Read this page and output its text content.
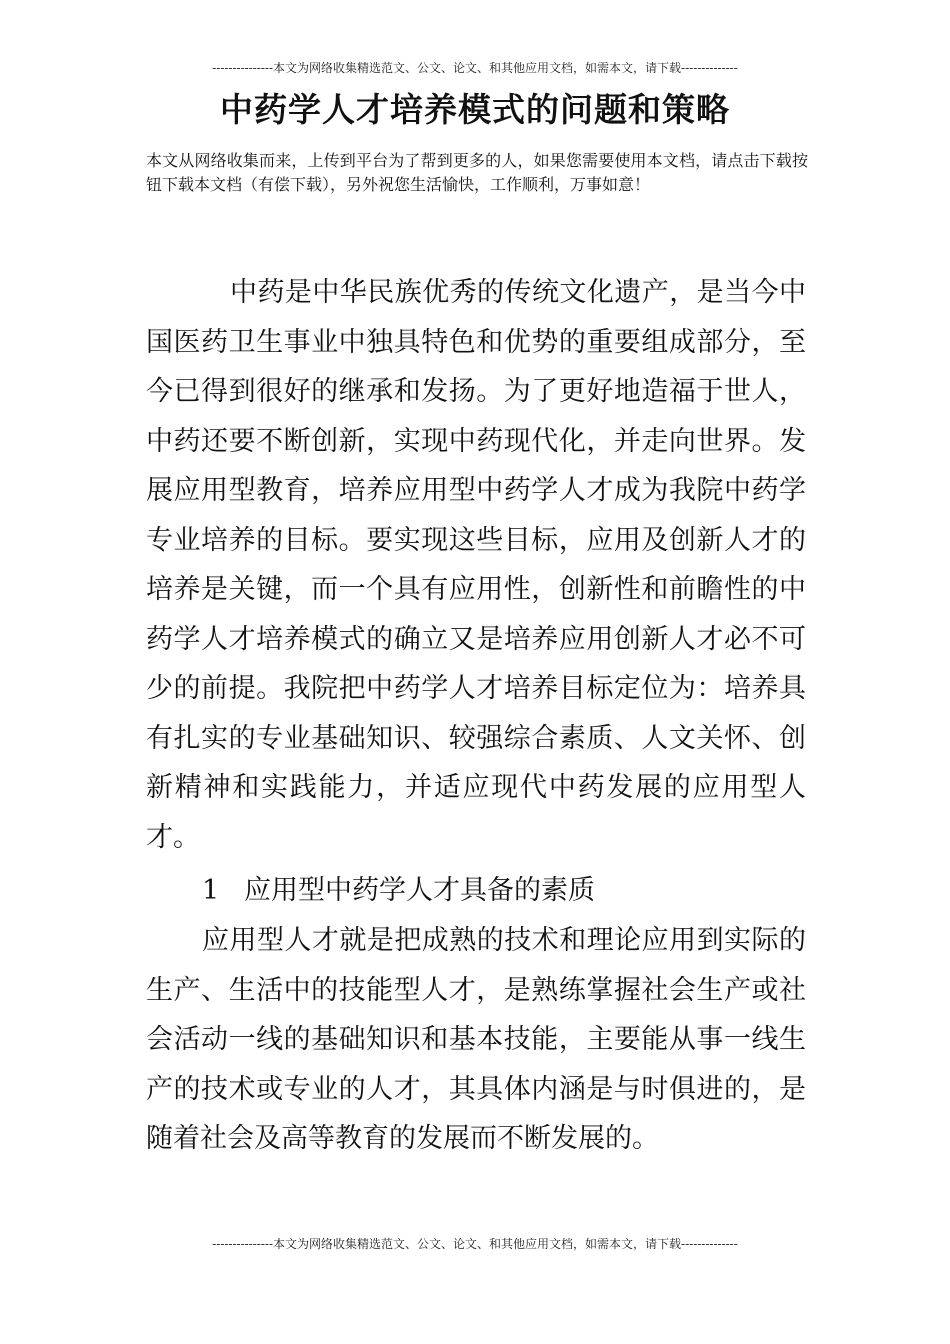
---------------本文为网络收集精选范文、公文、论文、和其他应用文档，如需本文，请下载--------------
中药学人才培养模式的问题和策略

本文从网络收集而来，上传到平台为了帮到更多的人，如果您需要使用本文档，请点击下载按钮下载本文档（有偿下载），另外祝您生活愉快，工作顺利，万事如意！

中药是中华民族优秀的传统文化遗产，是当今中国医药卫生事业中独具特色和优势的重要组成部分，至今已得到很好的继承和发扬。为了更好地造福于世人，中药还要不断创新，实现中药现代化，并走向世界。发展应用型教育，培养应用型中药学人才成为我院中药学专业培养的目标。要实现这些目标，应用及创新人才的培养是关键，而一个具有应用性，创新性和前瞻性的中药学人才培养模式的确立又是培养应用创新人才必不可少的前提。我院把中药学人才培养目标定位为：培养具有扎实的专业基础知识、较强综合素质、人文关怀、创新精神和实践能力，并适应现代中药发展的应用型人才。

1 应用型中药学人才具备的素质

应用型人才就是把成熟的技术和理论应用到实际的生产、生活中的技能型人才，是熟练掌握社会生产或社会活动一线的基础知识和基本技能，主要能从事一线生产的技术或专业的人才，其具体内涵是与时俱进的，是随着社会及高等教育的发展而不断发展的。

---------------本文为网络收集精选范文、公文、论文、和其他应用文档，如需本文，请下载--------------
